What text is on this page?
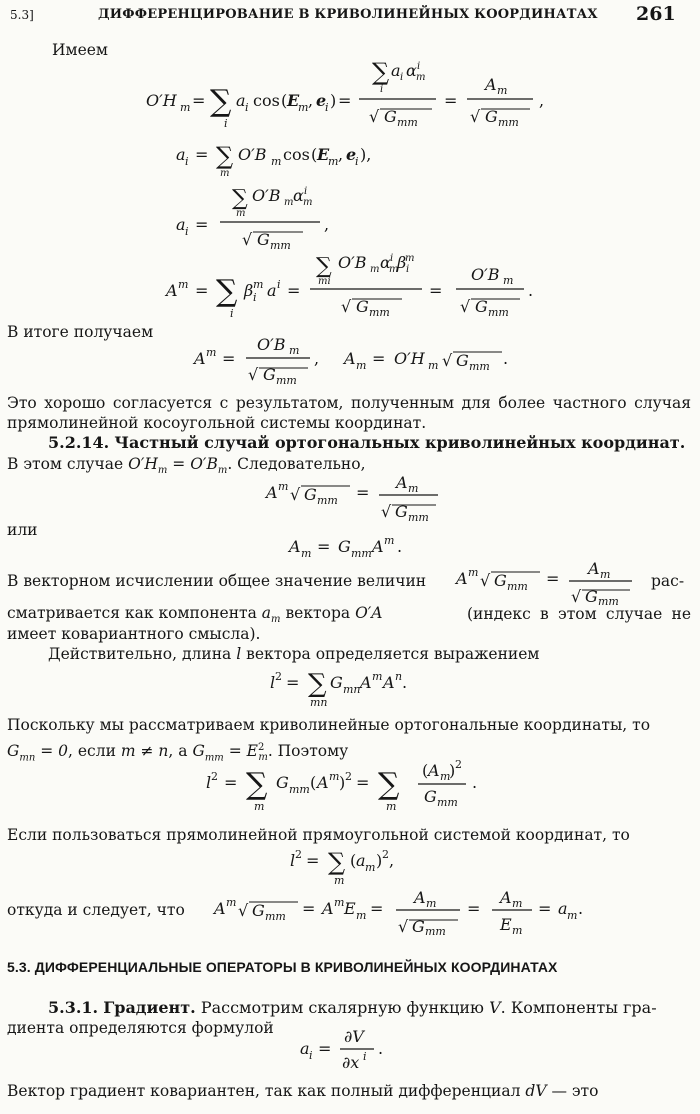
5.3]	ДИФФЕРЕНЦИРОВАНИЕ В КРИВОЛИНЕЙНЫХ КООРДИНАТАХ 261
Имеем
O′H m = ∑
i
a i cos ( E
m , e
i ) =
∑
i
a i α m
i
√ G mm
=
A m
√ G mm
,
a i = ∑
m
O′B m cos ( E
m , e
i ),
a i =
∑
m
O′B m α m
i
√ G mm
,
A m = ∑
i
β i
m a i =
∑
mi
O′B m α
m
i β i
m
√ G mm
=
O′B m
√ G mm
.
В итоге получаем
A m =
O′B m
√ G mm
, A m = O′H m √ G mm .
Это хорошо согласуется с результатом, полученным для более частного случая прямолинейной косоугольной системы координат.
5.2.14. Частный случай ортогональных криволинейных координат.
В этом случае $O'H_m = O'B_m$. Следовательно,
A m √ G mm =
A m
√ G mm
или
A m = G mm A m .
В векторном исчислении общее значение величин A m √ G mm =
A m
√ G mm
рас-
сматривается как компонента $a_m$ вектора O′A	(индекс в этом случае не имеет ковариантного смысла).
Действительно, длина l вектора определяется выражением
l 2 = ∑
mn
G mn A m A n .
Поскольку мы рассматриваем криволинейные ортогональные координаты, то
$G_{mn} = 0$, если m ≠ n, а $G_{mm} = E^2_m$. Поэтому
l 2 = ∑
m
G mm ( A m ) 2 = ∑
m
( A m
) 2
G mm
.
Если пользоваться прямолинейной прямоугольной системой координат, то
l 2 = ∑
m
( a m ) 2 ,
откуда и следует, что A m √ G mm = A m E m =
A m
√ G mm
=
A m
E m
= a m .
5.3. ДИФФЕРЕНЦИАЛЬНЫЕ ОПЕРАТОРЫ В КРИВОЛИНЕЙНЫХ КООРДИНАТАХ
5.3.1. Градиент. Рассмотрим скалярную функцию V. Компоненты гра-
диента определяются формулой
a i =
∂V
∂x i .
Вектор градиент ковариантен, так как полный дифференциал dV — это
